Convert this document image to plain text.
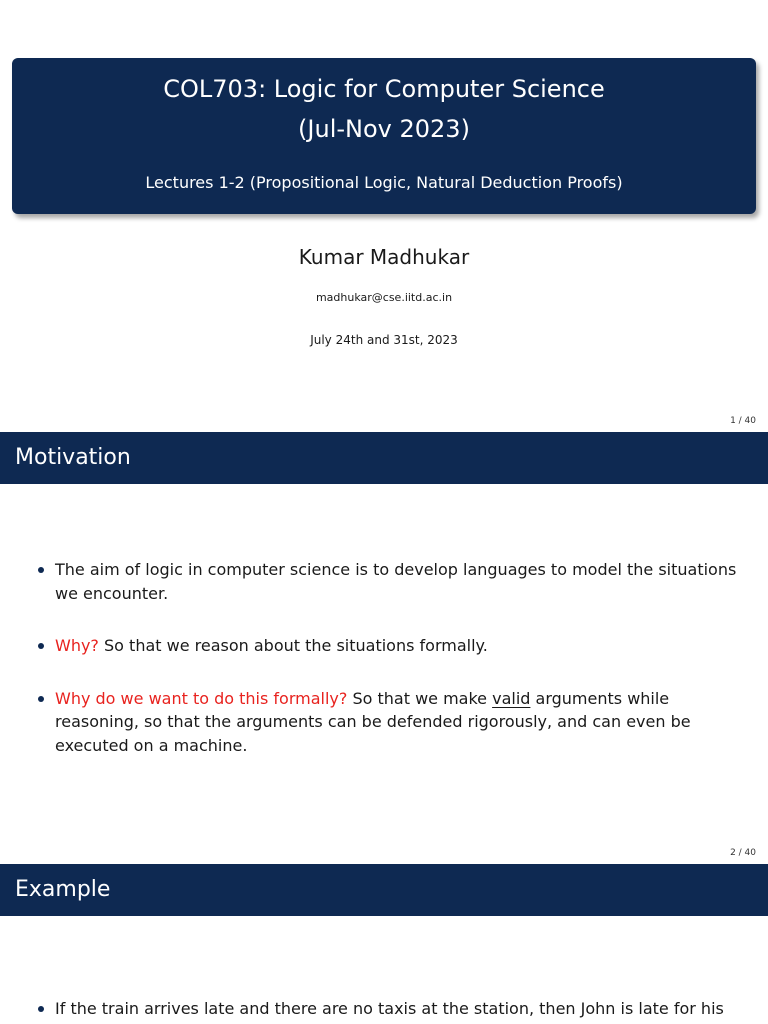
COL703: Logic for Computer Science
(Jul-Nov 2023)
Lectures 1-2 (Propositional Logic, Natural Deduction Proofs)
Kumar Madhukar
madhukar@cse.iitd.ac.in
July 24th and 31st, 2023
1 / 40
Motivation
The aim of logic in computer science is to develop languages to model the situations we encounter.
Why? So that we reason about the situations formally.
Why do we want to do this formally? So that we make valid arguments while reasoning, so that the arguments can be defended rigorously, and can even be executed on a machine.
2 / 40
Example
If the train arrives late and there are no taxis at the station, then John is late for his
